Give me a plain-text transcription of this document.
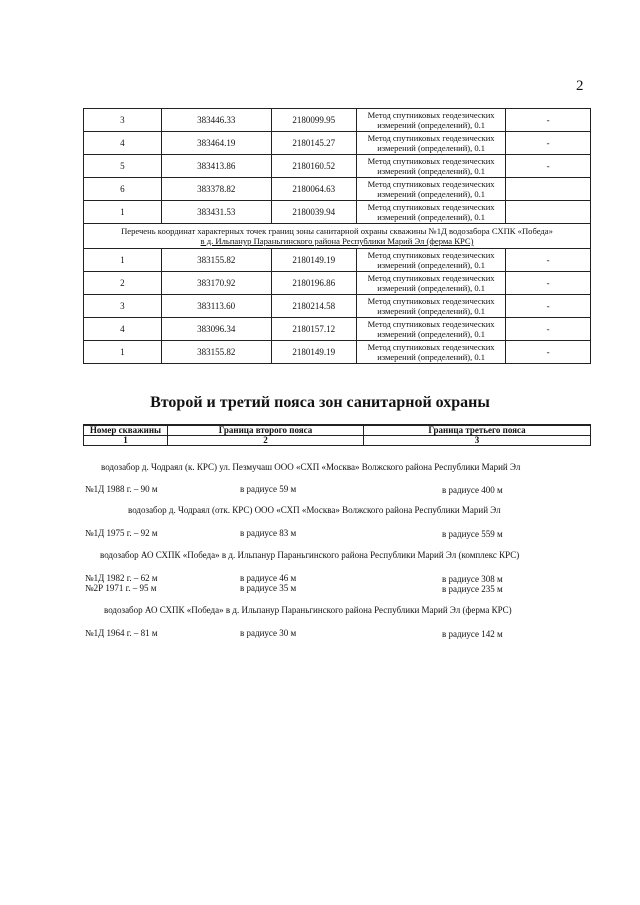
2
3	383446.33	2180099.95	Метод спутниковых геодезических
измерений (определений), 0.1	-
4	383464.19	2180145.27	Метод спутниковых геодезических
измерений (определений), 0.1	-
5	383413.86	2180160.52	Метод спутниковых геодезических
измерений (определений), 0.1	-
6	383378.82	2180064.63	Метод спутниковых геодезических
измерений (определений), 0.1	
1	383431.53	2180039.94	Метод спутниковых геодезических
измерений (определений), 0.1	
Перечень координат характерных точек границ зоны санитарной охраны скважины №1Д водозабора СХПК «Победа»
в д. Ильпанур Параньгинского района Республики Марий Эл (ферма КРС)				
1	383155.82	2180149.19	Метод спутниковых геодезических
измерений (определений), 0.1	-
2	383170.92	2180196.86	Метод спутниковых геодезических
измерений (определений), 0.1	-
3	383113.60	2180214.58	Метод спутниковых геодезических
измерений (определений), 0.1	-
4	383096.34	2180157.12	Метод спутниковых геодезических
измерений (определений), 0.1	-
1	383155.82	2180149.19	Метод спутниковых геодезических
измерений (определений), 0.1	-
Второй и третий пояса зон санитарной охраны
Номер скважины	Граница второго пояса	Граница третьего пояса
1	2	3
водозабор д. Чодраял (к. КРС) ул. Пезмучаш ООО «СХП «Москва» Волжского района Республики Марий Эл
№1Д 1988 г. – 90 м	в радиусе 59 м	в радиусе 400 м
водозабор д. Чодраял (отк. КРС) ООО «СХП «Москва» Волжского района Республики Марий Эл
№1Д 1975 г. – 92 м	в радиусе 83 м	в радиусе 559 м
водозабор АО СХПК «Победа» в д. Ильпанур Параньгинского района Республики Марий Эл (комплекс КРС)
№1Д 1982 г. – 62 м	в радиусе 46 м	в радиусе 308 м
№2Р 1971 г. – 95 м	в радиусе 35 м	в радиусе 235 м
водозабор АО СХПК «Победа» в д. Ильпанур Параньгинского района Республики Марий Эл (ферма КРС)
№1Д 1964 г. – 81 м	в радиусе 30 м	в радиусе 142 м
